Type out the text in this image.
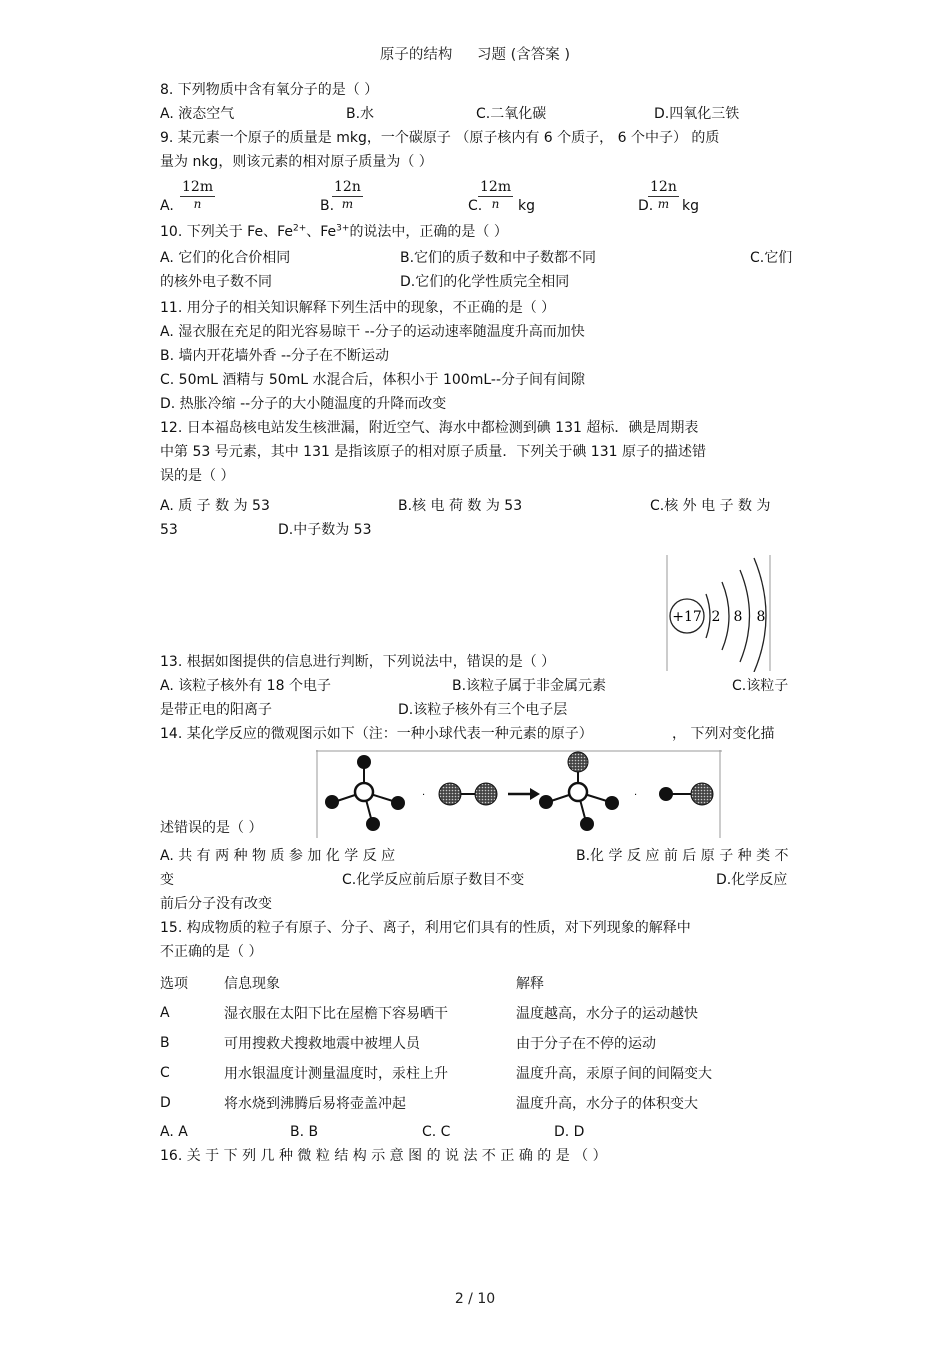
原子的结构 习题 (含答案 )
8. 下列物质中含有氧分子的是（ ）
A. 液态空气	B.水	C.二氧化碳	D.四氧化三铁
9. 某元素一个原子的质量是 mkg，一个碳原子 （原子核内有 6 个质子， 6 个中子） 的质
量为 nkg，则该元素的相对原子质量为（ ）
A. $\frac{12m}{n}$	B.
$\frac{12n}{m}$	C.
$\frac{12m}{n}$ kg	D.
$\frac{12n}{m}$ kg
10. 下列关于 Fe、$Fe^{2+}$、$Fe^{3+}$的说法中，正确的是（ ）
A. 它们的化合价相同	B.它们的质子数和中子数都不同	C.它们
的核外电子数不同	D.它们的化学性质完全相同
11. 用分子的相关知识解释下列生活中的现象，不正确的是（ ）
A. 湿衣服在充足的阳光容易晾干 --分子的运动速率随温度升高而加快
B. 墙内开花墙外香 --分子在不断运动
C. 50mL 酒精与 50mL 水混合后，体积小于 100mL--分子间有间隙
D. 热胀冷缩 --分子的大小随温度的升降而改变
12. 日本福岛核电站发生核泄漏，附近空气、海水中都检测到碘 131 超标．碘是周期表
中第 53 号元素，其中 131 是指该原子的相对原子质量．下列关于碘 131 原子的描述错
误的是（ ）
A. 质 子 数 为 53	B.核 电 荷 数 为 53	C.核 外 电 子 数 为
53	D.中子数为 53
+17 2 8 8
13. 根据如图提供的信息进行判断，下列说法中，错误的是（ ）
A. 该粒子核外有 18 个电子	B.该粒子属于非金属元素	C.该粒子
是带正电的阳离子	D.该粒子核外有三个电子层
14. 某化学反应的微观图示如下（注：一种小球代表一种元素的原子）	， 下列对变化描
述错误的是（ ）
·	·
A. 共 有 两 种 物 质 参 加 化 学 反 应	B.化 学 反 应 前 后 原 子 种 类 不
变	C.化学反应前后原子数目不变	D.化学反应
前后分子没有改变
15. 构成物质的粒子有原子、分子、离子，利用它们具有的性质，对下列现象的解释中
不正确的是（ ）
选项	信息现象	解释
A	湿衣服在太阳下比在屋檐下容易晒干	温度越高，水分子的运动越快
B	可用搜救犬搜救地震中被埋人员	由于分子在不停的运动
C	用水银温度计测量温度时，汞柱上升	温度升高，汞原子间的间隔变大
D	将水烧到沸腾后易将壶盖冲起	温度升高，水分子的体积变大
A. A	B. B	C. C	D. D
16. 关 于 下 列 几 种 微 粒 结 构 示 意 图 的 说 法 不 正 确 的 是 （ ）
2 / 10
